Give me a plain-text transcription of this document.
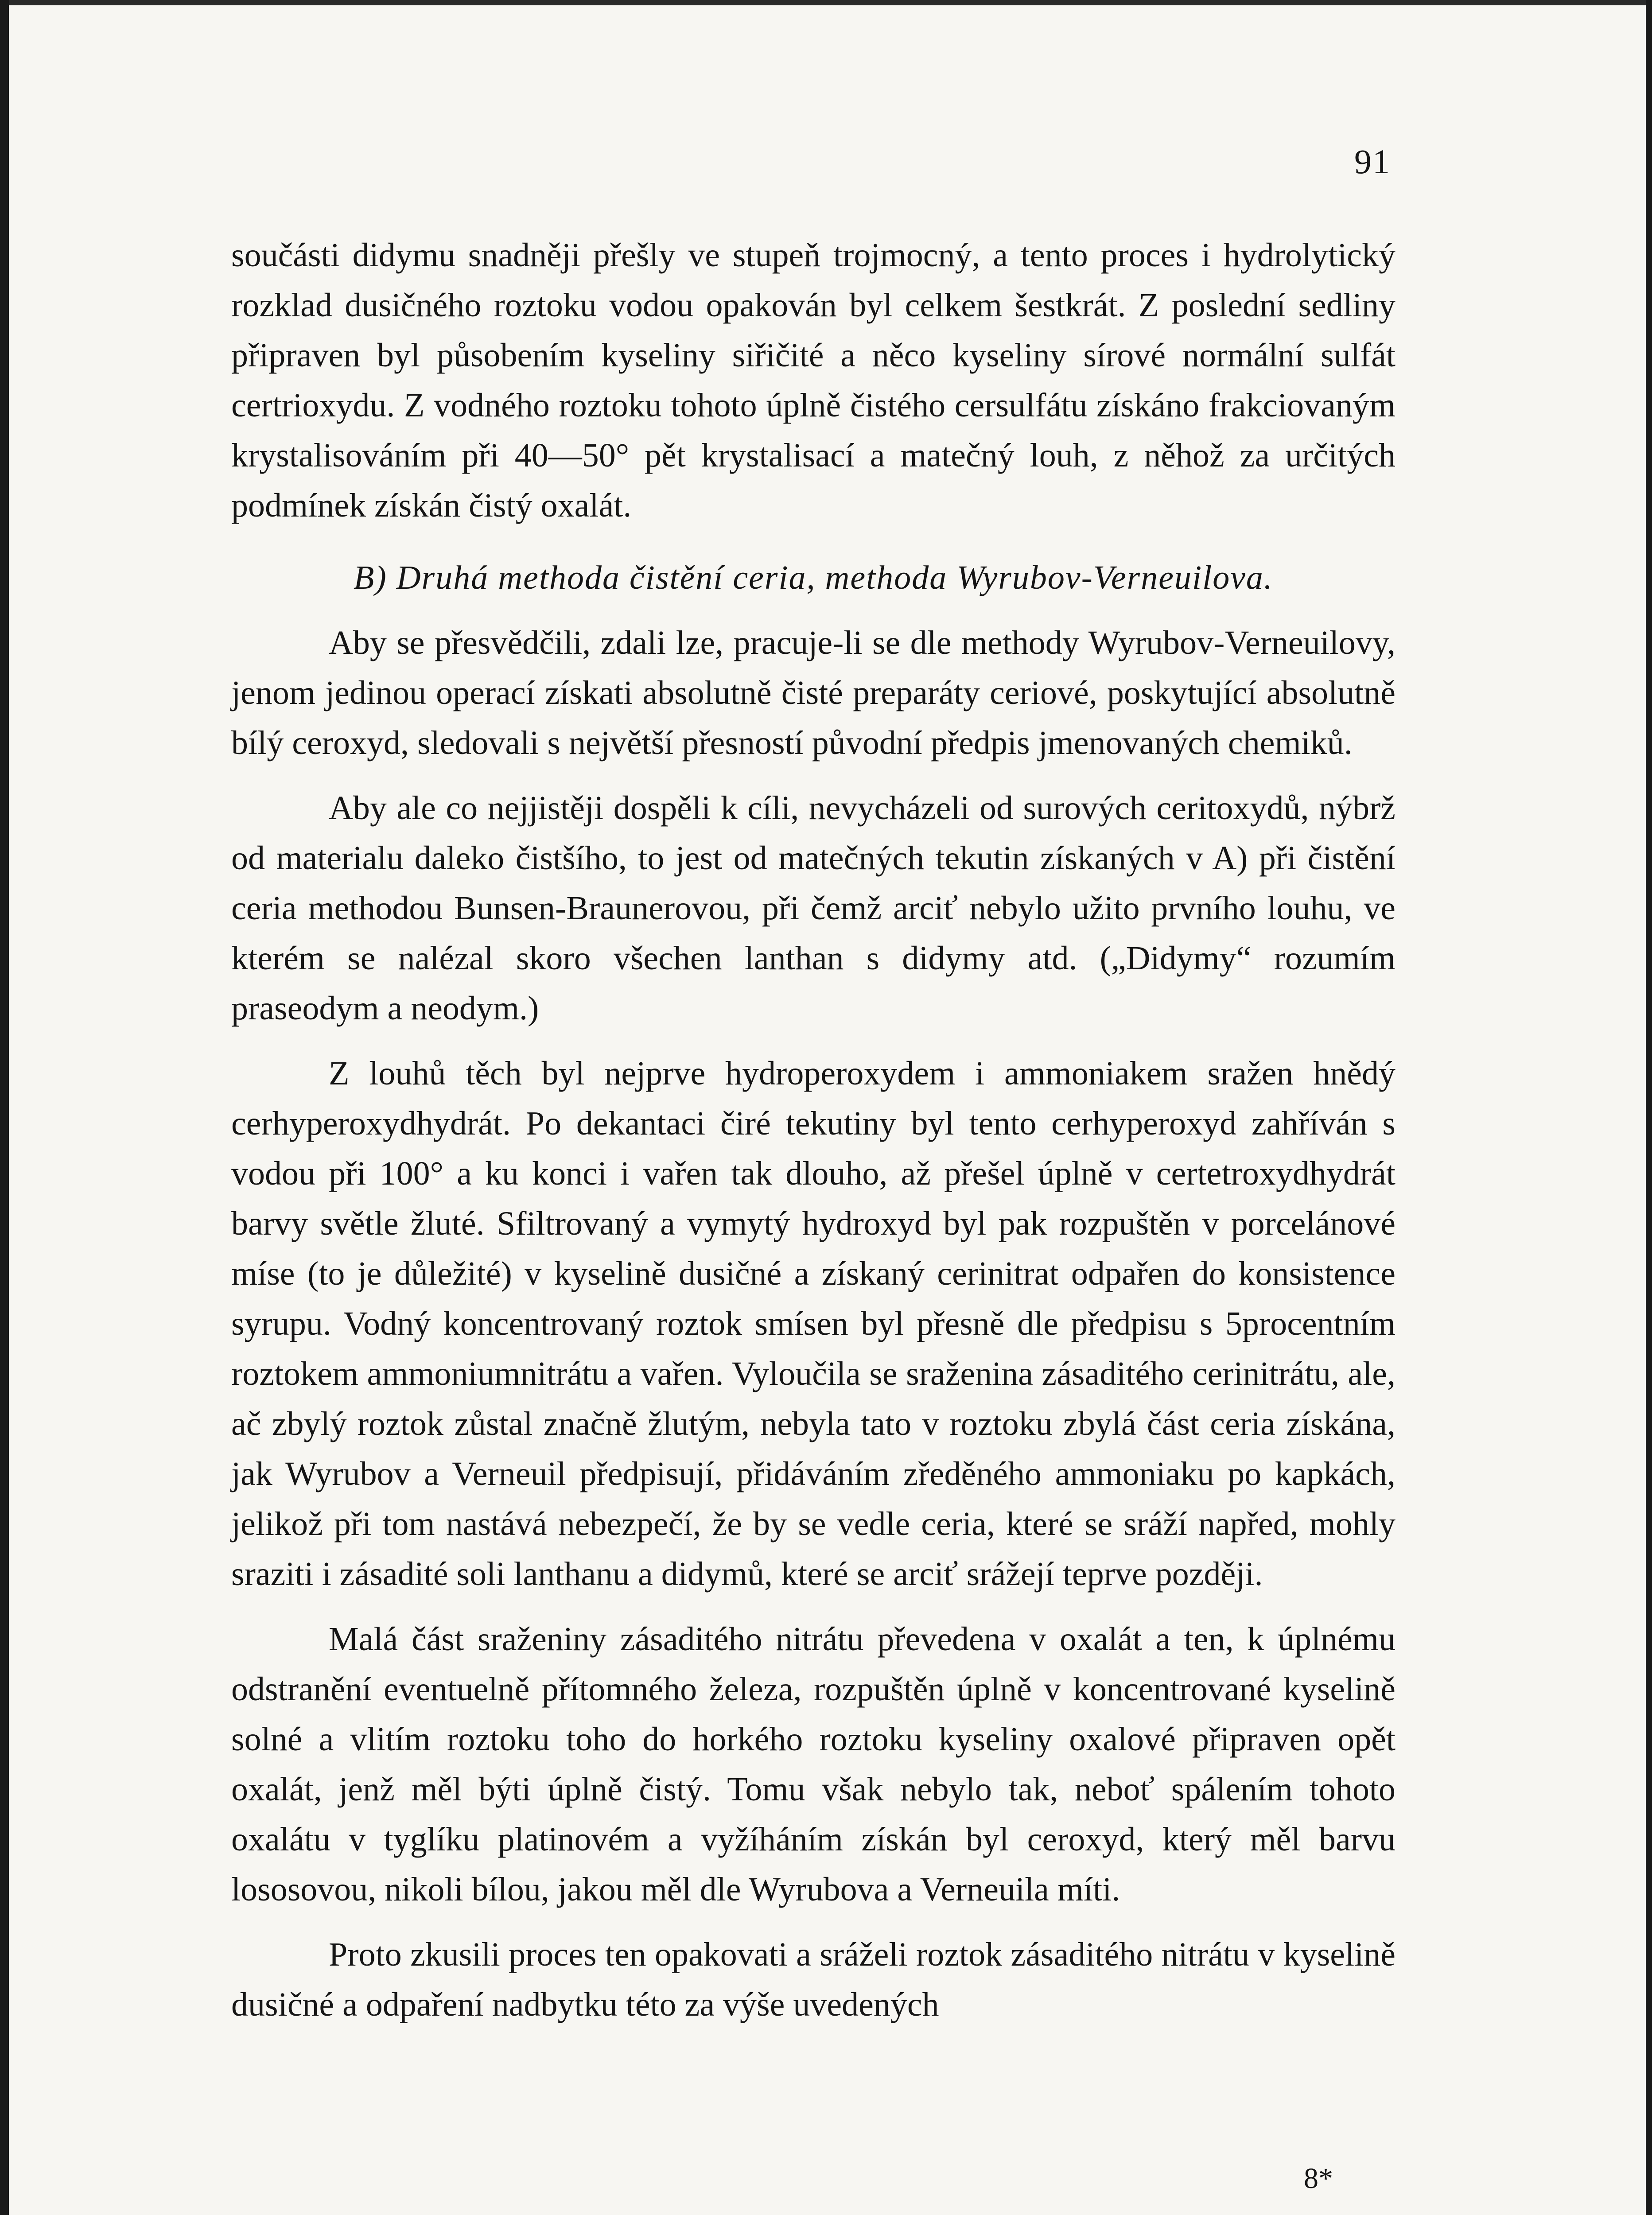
91

součásti didymu snadněji přešly ve stupeň trojmocný, a tento proces i hydrolytický rozklad dusičného roztoku vodou opakován byl celkem šestkrát. Z poslední sedliny připraven byl působením kyseliny siřičité a něco kyseliny sírové normální sulfát certrioxydu. Z vodného roztoku tohoto úplně čistého cersulfátu získáno frakciovaným krystalisováním při 40—50° pět krystalisací a matečný louh, z něhož za určitých podmínek získán čistý oxalát.

B) Druhá methoda čistění ceria, methoda Wyrubov-Verneuilova.

Aby se přesvědčili, zdali lze, pracuje-li se dle methody Wyrubov-Verneuilovy, jenom jedinou operací získati absolutně čisté preparáty ceriové, poskytující absolutně bílý ceroxyd, sledovali s největší přesností původní předpis jmenovaných chemiků.

Aby ale co nejjistěji dospěli k cíli, nevycházeli od surových ceritoxydů, nýbrž od materialu daleko čistšího, to jest od matečných tekutin získaných v A) při čistění ceria methodou Bunsen-Braunerovou, při čemž arciť nebylo užito prvního louhu, ve kterém se nalézal skoro všechen lanthan s didymy atd. („Didymy“ rozumím praseodym a neodym.)

Z louhů těch byl nejprve hydroperoxydem i ammoniakem sražen hnědý cerhyperoxydhydrát. Po dekantaci čiré tekutiny byl tento cerhyperoxyd zahříván s vodou při 100° a ku konci i vařen tak dlouho, až přešel úplně v certetroxydhydrát barvy světle žluté. Sfiltrovaný a vymytý hydroxyd byl pak rozpuštěn v porcelánové míse (to je důležité) v kyselině dusičné a získaný cerinitrat odpařen do konsistence syrupu. Vodný koncentrovaný roztok smísen byl přesně dle předpisu s 5procentním roztokem ammoniumnitrátu a vařen. Vyloučila se sraženina zásaditého cerinitrátu, ale, ač zbylý roztok zůstal značně žlutým, nebyla tato v roztoku zbylá část ceria získána, jak Wyrubov a Verneuil předpisují, přidáváním zředěného ammoniaku po kapkách, jelikož při tom nastává nebezpečí, že by se vedle ceria, které se sráží napřed, mohly sraziti i zásadité soli lanthanu a didymů, které se arciť srážejí teprve později.

Malá část sraženiny zásaditého nitrátu převedena v oxalát a ten, k úplnému odstranění eventuelně přítomného železa, rozpuštěn úplně v koncentrované kyselině solné a vlitím roztoku toho do horkého roztoku kyseliny oxalové připraven opět oxalát, jenž měl býti úplně čistý. Tomu však nebylo tak, neboť spálením tohoto oxalátu v tyglíku platinovém a vyžíháním získán byl ceroxyd, který měl barvu lososovou, nikoli bílou, jakou měl dle Wyrubova a Verneuila míti.

Proto zkusili proces ten opakovati a sráželi roztok zásaditého nitrátu v kyselině dusičné a odpaření nadbytku této za výše uvedených

8*
